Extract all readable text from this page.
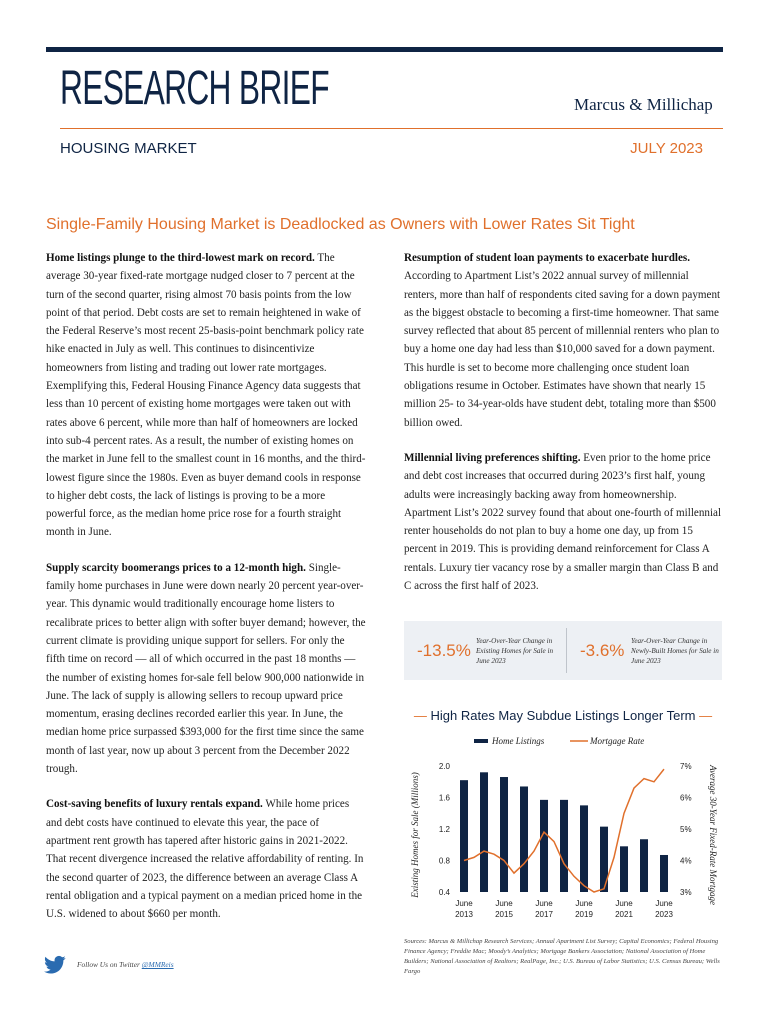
RESEARCH BRIEF	Marcus & Millichap
HOUSING MARKET	JULY 2023
Single-Family Housing Market is Deadlocked as Owners with Lower Rates Sit Tight

Home listings plunge to the third-lowest mark on record. The average 30-year fixed-rate mortgage nudged closer to 7 percent at the turn of the second quarter, rising almost 70 basis points from the low point of that period. Debt costs are set to remain heightened in wake of the Federal Reserve’s most recent 25-basis-point benchmark policy rate hike enacted in July as well. This continues to disincentivize homeowners from listing and trading out lower rate mortgages. Exemplifying this, Federal Housing Finance Agency data suggests that less than 10 percent of existing home mortgages were taken out with rates above 6 percent, while more than half of homeowners are locked into sub-4 percent rates. As a result, the number of existing homes on the market in June fell to the smallest count in 16 months, and the third-lowest figure since the 1980s. Even as buyer demand cools in response to higher debt costs, the lack of listings is proving to be a more powerful force, as the median home price rose for a fourth straight month in June.

Supply scarcity boomerangs prices to a 12-month high. Single-family home purchases in June were down nearly 20 percent year-over-year. This dynamic would traditionally encourage home listers to recalibrate prices to better align with softer buyer demand; however, the current climate is providing unique support for sellers. For only the fifth time on record — all of which occurred in the past 18 months — the number of existing homes for-sale fell below 900,000 nationwide in June. The lack of supply is allowing sellers to recoup upward price momentum, erasing declines recorded earlier this year. In June, the median home price surpassed $393,000 for the first time since the same month of last year, now up about 3 percent from the December 2022 trough.

Cost-saving benefits of luxury rentals expand. While home prices and debt costs have continued to elevate this year, the pace of apartment rent growth has tapered after historic gains in 2021-2022. That recent divergence increased the relative affordability of renting. In the second quarter of 2023, the difference between an average Class A rental obligation and a typical payment on a median priced home in the U.S. widened to about $660 per month.

Resumption of student loan payments to exacerbate hurdles. According to Apartment List’s 2022 annual survey of millennial renters, more than half of respondents cited saving for a down payment as the biggest obstacle to becoming a first-time homeowner. That same survey reflected that about 85 percent of millennial renters who plan to buy a home one day had less than $10,000 saved for a down payment. This hurdle is set to become more challenging once student loan obligations resume in October. Estimates have shown that nearly 15 million 25- to 34-year-olds have student debt, totaling more than $500 billion owed.

Millennial living preferences shifting. Even prior to the home price and debt cost increases that occurred during 2023’s first half, young adults were increasingly backing away from homeownership. Apartment List’s 2022 survey found that about one-fourth of millennial renter households do not plan to buy a home one day, up from 15 percent in 2019. This is providing demand reinforcement for Class A rentals. Luxury tier vacancy rose by a smaller margin than Class B and C across the first half of 2023.

-13.5% Year-Over-Year Change in Existing Homes for Sale in June 2023
-3.6% Year-Over-Year Change in Newly-Built Homes for Sale in June 2023
— High Rates May Subdue Listings Longer Term —
Home Listings	Mortgage Rate
Existing Homes for Sale (Millions)	Average 30-Year Fixed-Rate Mortgage
2.0
1.6
1.2
0.8
0.4
7%
6%
5%
4%
3%
June 2013
June 2015
June 2017
June 2019
June 2021
June 2023
Sources: Marcus & Millichap Research Services; Annual Apartment List Survey; Capital Economics; Federal Housing Finance Agency; Freddie Mac; Moody’s Analytics; Mortgage Bankers Association; National Association of Home Builders; National Association of Realtors; RealPage, Inc.; U.S. Bureau of Labor Statistics; U.S. Census Bureau; Wells Fargo
Follow Us on Twitter @MMReis
